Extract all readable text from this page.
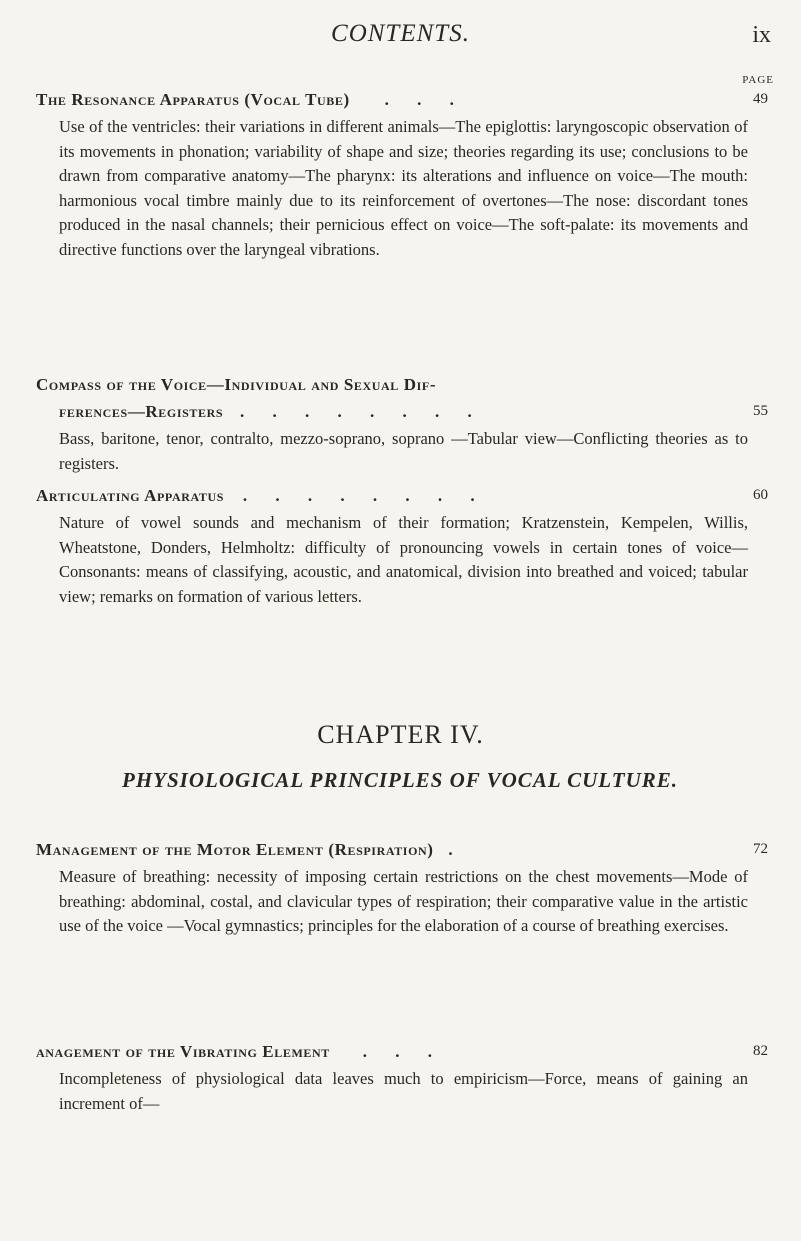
CONTENTS.	ix
PAGE
The Resonance Apparatus (Vocal Tube) . . .	49
Use of the ventricles: their variations in different animals—The epiglottis: laryngoscopic observation of its movements in phonation; variability of shape and size; theories regarding its use; conclusions to be drawn from comparative anatomy—The pharynx: its alterations and influence on voice—The mouth: harmonious vocal timbre mainly due to its reinforcement of overtones—The nose: discordant tones produced in the nasal channels; their pernicious effect on voice—The soft-palate: its movements and directive functions over the laryngeal vibrations.
Compass of the Voice—Individual and Sexual Dif-
ferences—Registers . . . . . . . .	55
Bass, baritone, tenor, contralto, mezzo-soprano, soprano —Tabular view—Conflicting theories as to registers.
Articulating Apparatus . . . . . . . .	60
Nature of vowel sounds and mechanism of their formation; Kratzenstein, Kempelen, Willis, Wheatstone, Donders, Helmholtz: difficulty of pronouncing vowels in certain tones of voice—Consonants: means of classifying, acoustic, and anatomical, division into breathed and voiced; tabular view; remarks on formation of various letters.
CHAPTER IV.
PHYSIOLOGICAL PRINCIPLES OF VOCAL CULTURE.
Management of the Motor Element (Respiration) .	72
Measure of breathing: necessity of imposing certain restrictions on the chest movements—Mode of breathing: abdominal, costal, and clavicular types of respiration; their comparative value in the artistic use of the voice —Vocal gymnastics; principles for the elaboration of a course of breathing exercises.
anagement of the Vibrating Element . . .	82
Incompleteness of physiological data leaves much to empiricism—Force, means of gaining an increment of—
